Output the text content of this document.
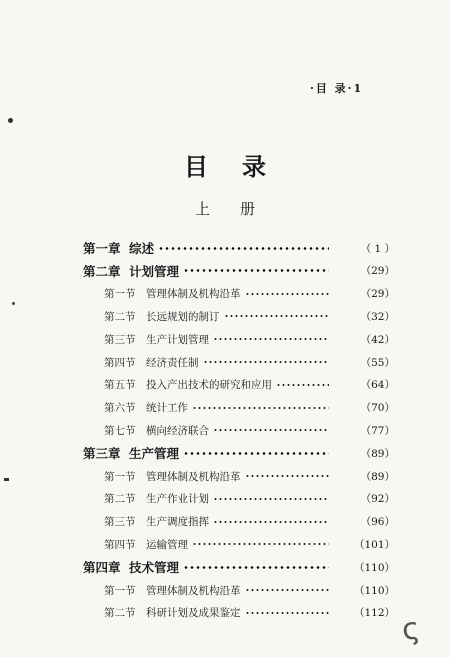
·目 录·1
目录
上册
第一章 综述	（ 1 ）
第二章 计划管理	（29）
第一节	管理体制及机构沿革	（29）
第二节	长远规划的制订	（32）
第三节	生产计划管理	（42）
第四节	经济责任制	（55）
第五节	投入产出技术的研究和应用	（64）
第六节	统计工作	（70）
第七节	横向经济联合	（77）
第三章 生产管理	（89）
第一节	管理体制及机构沿革	（89）
第二节	生产作业计划	（92）
第三节	生产调度指挥	（96）
第四节	运输管理	（101）
第四章 技术管理	（110）
第一节	管理体制及机构沿革	（110）
第二节	科研计划及成果鉴定	（112） ς
